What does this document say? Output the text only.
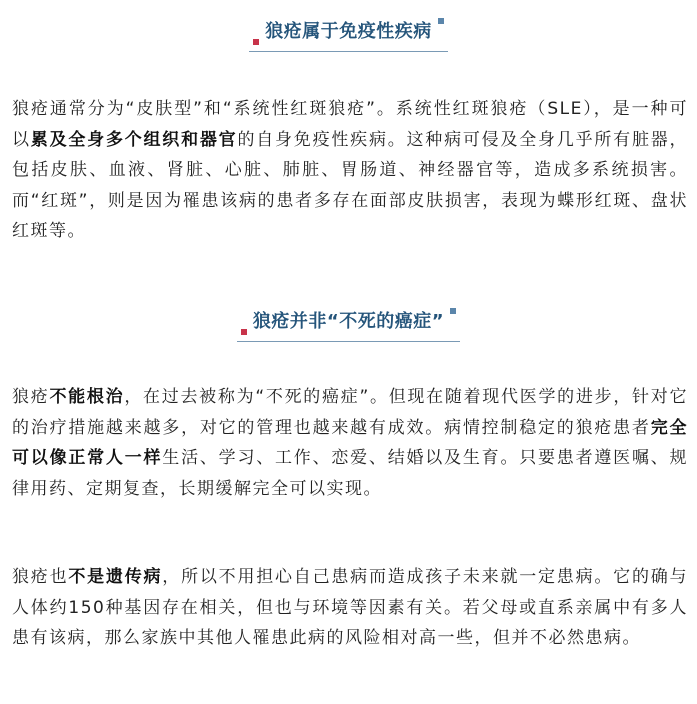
狼疮属于免疫性疾病
狼疮通常分为“皮肤型”和“系统性红斑狼疮”。系统性红斑狼疮（SLE），是一种可以累及全身多个组织和器官的自身免疫性疾病。这种病可侵及全身几乎所有脏器，包括皮肤、血液、肾脏、心脏、肺脏、胃肠道、神经器官等，造成多系统损害。而“红斑”，则是因为罹患该病的患者多存在面部皮肤损害，表现为蝶形红斑、盘状红斑等。
狼疮并非“不死的癌症”
狼疮不能根治，在过去被称为“不死的癌症”。但现在随着现代医学的进步，针对它的治疗措施越来越多，对它的管理也越来越有成效。病情控制稳定的狼疮患者完全可以像正常人一样生活、学习、工作、恋爱、结婚以及生育。只要患者遵医嘱、规律用药、定期复查，长期缓解完全可以实现。
狼疮也不是遗传病，所以不用担心自己患病而造成孩子未来就一定患病。它的确与人体约150种基因存在相关，但也与环境等因素有关。若父母或直系亲属中有多人患有该病，那么家族中其他人罹患此病的风险相对高一些，但并不必然患病。
